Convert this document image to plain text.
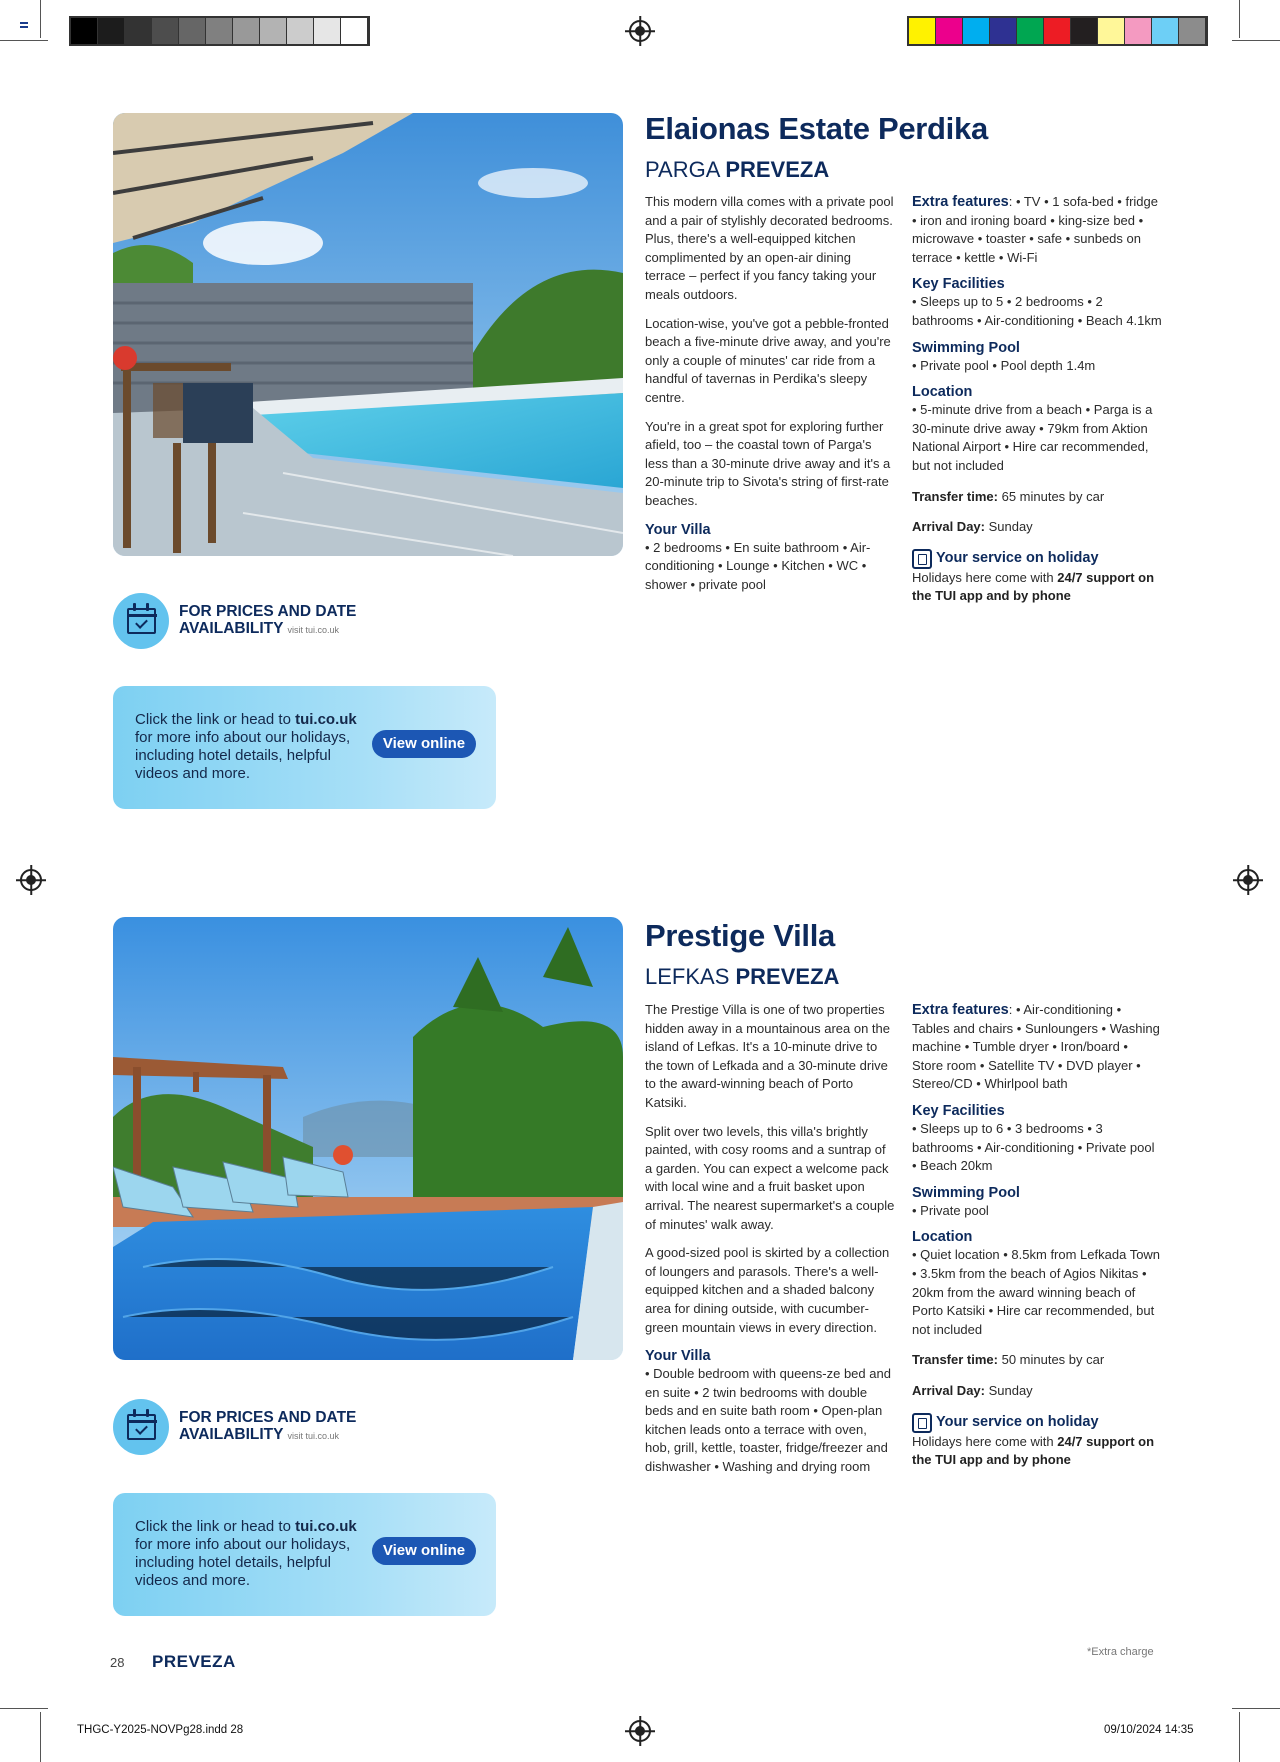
Elaionas Estate Perdika
PARGA PREVEZA

This modern villa comes with a private pool and a pair of stylishly decorated bedrooms. Plus, there's a well-equipped kitchen complimented by an open-air dining terrace – perfect if you fancy taking your meals outdoors.

Location-wise, you've got a pebble-fronted beach a five-minute drive away, and you're only a couple of minutes' car ride from a handful of tavernas in Perdika's sleepy centre.

You're in a great spot for exploring further afield, too – the coastal town of Parga's less than a 30-minute drive away and it's a 20-minute trip to Sivota's string of first-rate beaches.

Your Villa
• 2 bedrooms • En suite bathroom • Air-conditioning • Lounge • Kitchen • WC • shower • private pool
Extra features: • TV • 1 sofa-bed • fridge • iron and ironing board • king-size bed • microwave • toaster • safe • sunbeds on terrace • kettle • Wi-Fi
Key Facilities
• Sleeps up to 5 • 2 bedrooms • 2 bathrooms • Air-conditioning • Beach 4.1km
Swimming Pool
• Private pool • Pool depth 1.4m
Location
• 5-minute drive from a beach • Parga is a 30-minute drive away • 79km from Aktion National Airport • Hire car recommended, but not included
Transfer time: 65 minutes by car
Arrival Day: Sunday
Your service on holiday
Holidays here come with 24/7 support on the TUI app and by phone
FOR PRICES AND DATE
AVAILABILITY visit tui.co.uk
Click the link or head to tui.co.uk for more info about our holidays, including hotel details, helpful videos and more.
View online
Prestige Villa
LEFKAS PREVEZA

The Prestige Villa is one of two properties hidden away in a mountainous area on the island of Lefkas. It's a 10-minute drive to the town of Lefkada and a 30-minute drive to the award-winning beach of Porto Katsiki.

Split over two levels, this villa's brightly painted, with cosy rooms and a suntrap of a garden. You can expect a welcome pack with local wine and a fruit basket upon arrival. The nearest supermarket's a couple of minutes' walk away.

A good-sized pool is skirted by a collection of loungers and parasols. There's a well-equipped kitchen and a shaded balcony area for dining outside, with cucumber-green mountain views in every direction.

Your Villa
• Double bedroom with queens-ze bed and en suite • 2 twin bedrooms with double beds and en suite bath room • Open-plan kitchen leads onto a terrace with oven, hob, grill, kettle, toaster, fridge/freezer and dishwasher • Washing and drying room
Extra features: • Air-conditioning • Tables and chairs • Sunloungers • Washing machine • Tumble dryer • Iron/board • Store room • Satellite TV • DVD player • Stereo/CD • Whirlpool bath
Key Facilities
• Sleeps up to 6 • 3 bedrooms • 3 bathrooms • Air-conditioning • Private pool • Beach 20km
Swimming Pool
• Private pool
Location
• Quiet location • 8.5km from Lefkada Town • 3.5km from the beach of Agios Nikitas • 20km from the award winning beach of Porto Katsiki • Hire car recommended, but not included
Transfer time: 50 minutes by car
Arrival Day: Sunday
Your service on holiday
Holidays here come with 24/7 support on the TUI app and by phone
FOR PRICES AND DATE
AVAILABILITY visit tui.co.uk
Click the link or head to tui.co.uk for more info about our holidays, including hotel details, helpful videos and more.
View online
28 PREVEZA	*Extra charge
THGC-Y2025-NOVPg28.indd 28	09/10/2024 14:35
